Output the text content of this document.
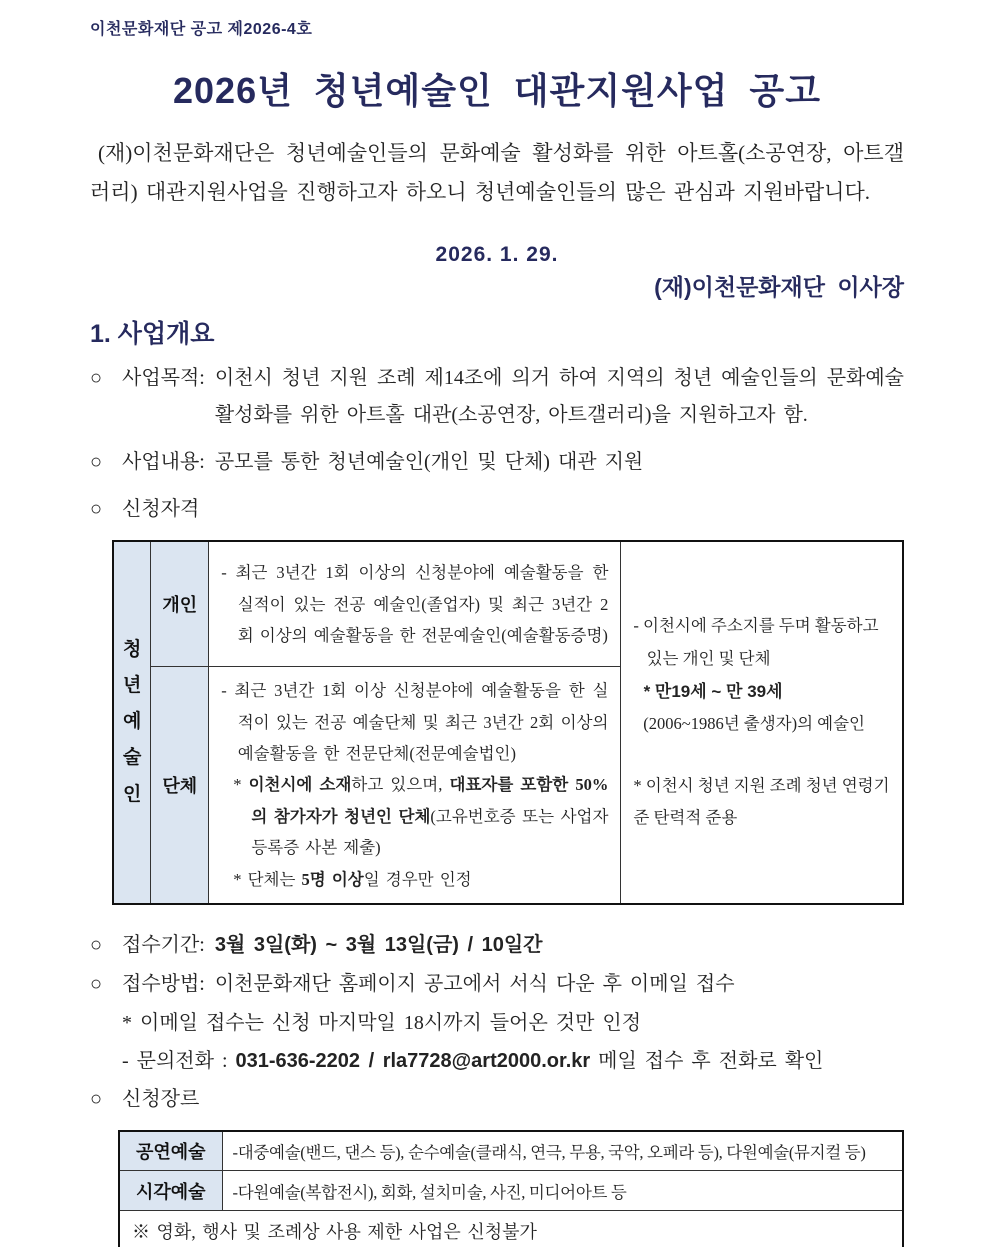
이천문화재단 공고 제2026-4호
2026년 청년예술인 대관지원사업 공고

(재)이천문화재단은 청년예술인들의 문화예술 활성화를 위한 아트홀(소공연장, 아트갤러리) 대관지원사업을 진행하고자 하오니 청년예술인들의 많은 관심과 지원바랍니다.

2026. 1. 29.
(재)이천문화재단 이사장
1. 사업개요
○ 사업목적: 이천시 청년 지원 조례 제14조에 의거 하여 지역의 청년 예술인들의 문화예술 활성화를 위한 아트홀 대관(소공연장, 아트갤러리)을 지원하고자 함.
○ 사업내용: 공모를 통한 청년예술인(개인 및 단체) 대관 지원
○ 신청자격
청년예술인	개인	- 최근 3년간 1회 이상의 신청분야에 예술활동을 한 실적이 있는 전공 예술인(졸업자) 및 최근 3년간 2회 이상의 예술활동을 한 전문예술인(예술활동증명)	- 이천시에 주소지를 두며 활동하고 있는 개인 및 단체
* 만19세 ~ 만 39세
(2006~1986년 출생자)의 예술인
* 이천시 청년 지원 조례 청년 연령기준 탄력적 준용

	단체	- 최근 3년간 1회 이상 신청분야에 예술활동을 한 실적이 있는 전공 예술단체 및 최근 3년간 2회 이상의 예술활동을 한 전문단체(전문예술법인)
* 이천시에 소재하고 있으며, 대표자를 포함한 50%의 참가자가 청년인 단체(고유번호증 또는 사업자등록증 사본 제출)
* 단체는 5명 이상일 경우만 인정	
○ 접수기간: 3월 3일(화) ~ 3월 13일(금) / 10일간
○ 접수방법: 이천문화재단 홈페이지 공고에서 서식 다운 후 이메일 접수
* 이메일 접수는 신청 마지막일 18시까지 들어온 것만 인정
- 문의전화 : 031-636-2202 / rla7728@art2000.or.kr 메일 접수 후 전화로 확인
○ 신청장르
공연예술	-대중예술(밴드, 댄스 등), 순수예술(클래식, 연극, 무용, 국악, 오페라 등), 다원예술(뮤지컬 등)
시각예술	-다원예술(복합전시), 회화, 설치미술, 사진, 미디어아트 등
※ 영화, 행사 및 조례상 사용 제한 사업은 신청불가	
